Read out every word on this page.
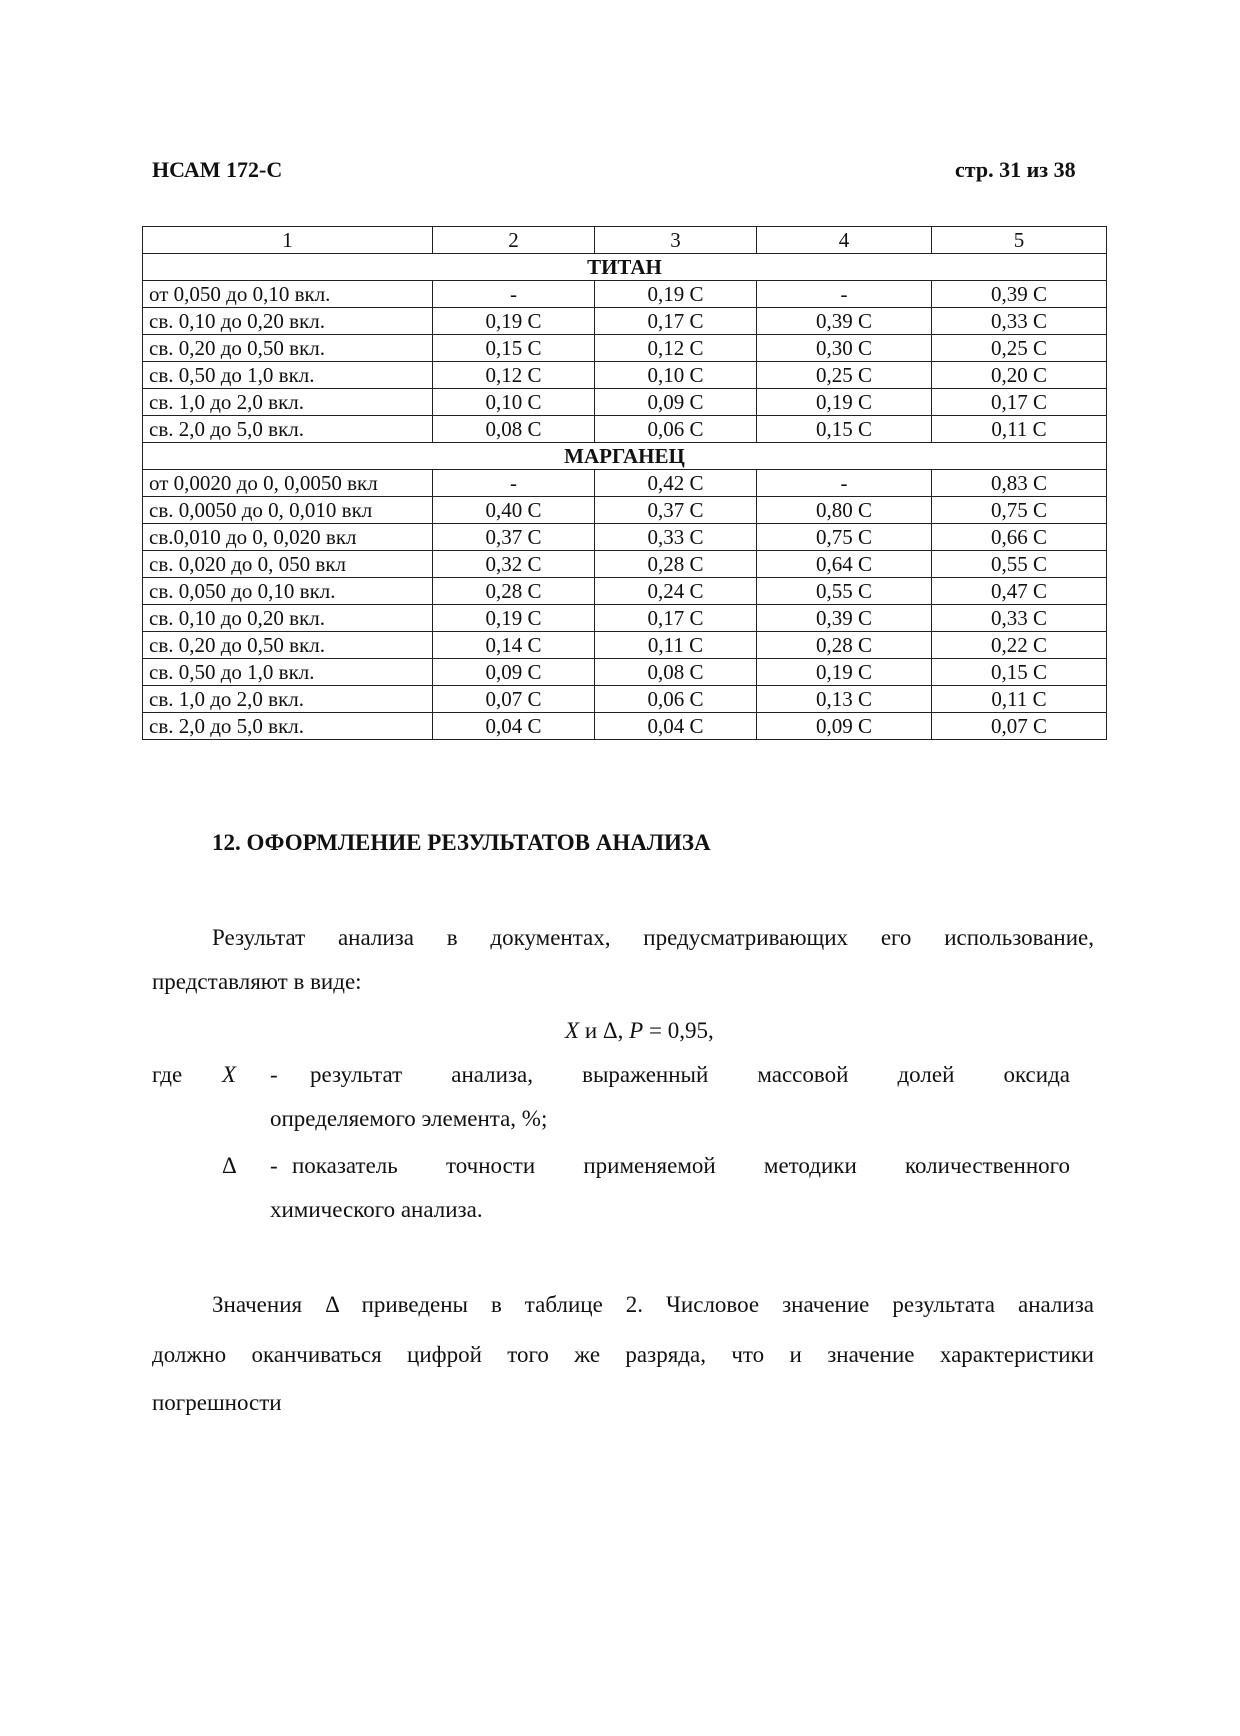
НСАМ 172-С	стр. 31 из 38
1	2	3	4	5
ТИТАН				
от 0,050 до 0,10 вкл.	-	0,19 С	-	0,39 С
св. 0,10 до 0,20 вкл.	0,19 С	0,17 С	0,39 С	0,33 С
св. 0,20 до 0,50 вкл.	0,15 С	0,12 С	0,30 С	0,25 С
св. 0,50 до 1,0 вкл.	0,12 С	0,10 С	0,25 С	0,20 С
св. 1,0 до 2,0 вкл.	0,10 С	0,09 С	0,19 С	0,17 С
св. 2,0 до 5,0 вкл.	0,08 С	0,06 С	0,15 С	0,11 С
МАРГАНЕЦ				
от 0,0020 до 0, 0,0050 вкл	-	0,42 С	-	0,83 С
св. 0,0050 до 0, 0,010 вкл	0,40 С	0,37 С	0,80 С	0,75 С
св.0,010 до 0, 0,020 вкл	0,37 С	0,33 С	0,75 С	0,66 С
св. 0,020 до 0, 050 вкл	0,32 С	0,28 С	0,64 С	0,55 С
св. 0,050 до 0,10 вкл.	0,28 С	0,24 С	0,55 С	0,47 С
св. 0,10 до 0,20 вкл.	0,19 С	0,17 С	0,39 С	0,33 С
св. 0,20 до 0,50 вкл.	0,14 С	0,11 С	0,28 С	0,22 С
св. 0,50 до 1,0 вкл.	0,09 С	0,08 С	0,19 С	0,15 С
св. 1,0 до 2,0 вкл.	0,07 С	0,06 С	0,13 С	0,11 С
св. 2,0 до 5,0 вкл.	0,04 С	0,04 С	0,09 С	0,07 С
12. ОФОРМЛЕНИЕ РЕЗУЛЬТАТОВ АНАЛИЗА
Результат анализа в документах, предусматривающих его использование,
представляют в виде:
X и Δ, P = 0,95,
где X - результат анализа, выраженный массовой долей оксида
определяемого элемента, %;
Δ - показатель точности применяемой методики количественного
химического анализа.
Значения Δ приведены в таблице 2. Числовое значение результата анализа
должно оканчиваться цифрой того же разряда, что и значение характеристики
погрешности
